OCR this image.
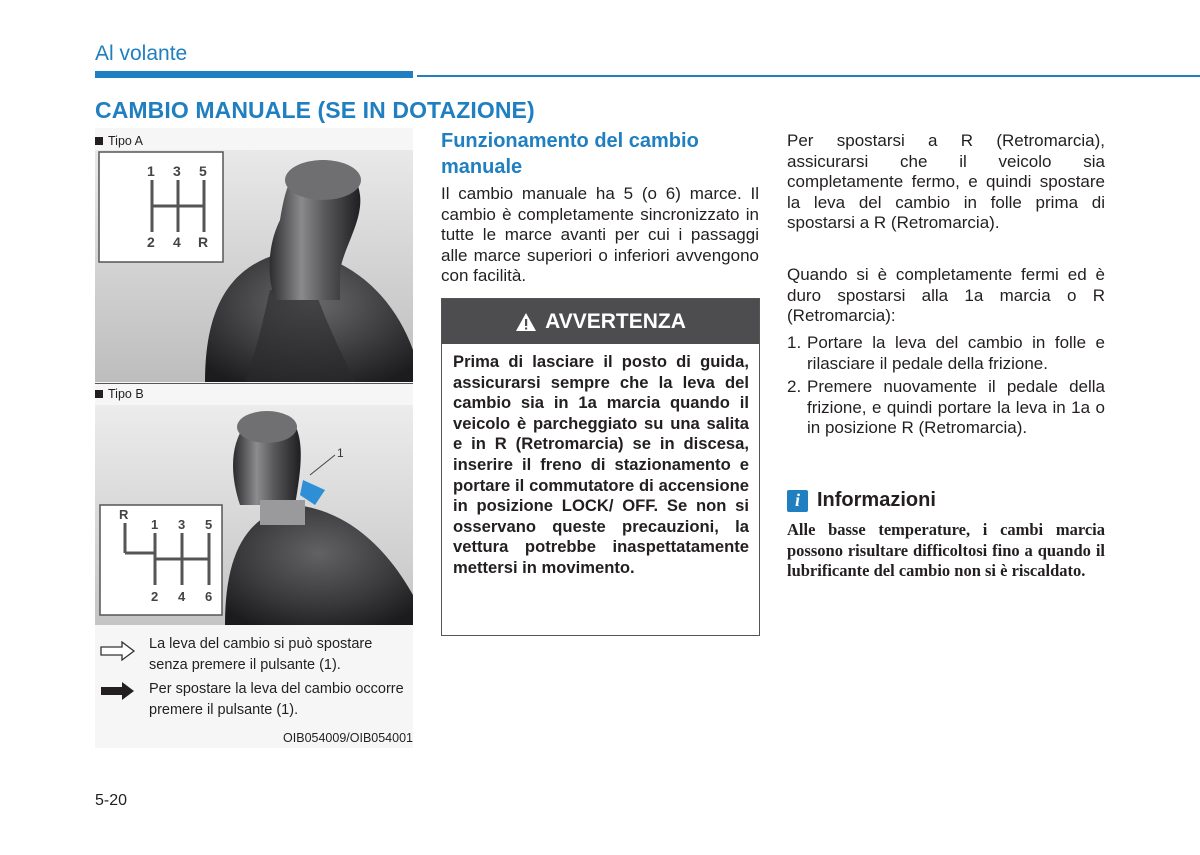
Al volante
CAMBIO MANUALE (SE IN DOTAZIONE)
Tipo A
1 3 5
2 4 R
Tipo B
1
R
1 3 5
2 4 6
La leva del cambio si può spostare senza premere il pulsante (1).
Per spostare la leva del cambio occorre premere il pulsante (1).
OIB054009/OIB054001
Funzionamento del cambio manuale
Il cambio manuale ha 5 (o 6) marce. Il cambio è completamente sincronizzato in tutte le marce avanti per cui i passaggi alle marce superiori o inferiori avvengono con facilità.
AVVERTENZA
Prima di lasciare il posto di guida, assicurarsi sempre che la leva del cambio sia in 1a marcia quando il veicolo è parcheggiato su una salita e in R (Retromarcia) se in discesa, inserire il freno di stazionamento e portare il commutatore di accensione in posizione LOCK/ OFF. Se non si osservano queste precauzioni, la vettura potrebbe inaspettatamente mettersi in movimento.
Per spostarsi a R (Retromarcia), assicurarsi che il veicolo sia completamente fermo, e quindi spostare la leva del cambio in folle prima di spostarsi a R (Retromarcia).
Quando si è completamente fermi ed è duro spostarsi alla 1a marcia o R (Retromarcia):
1. Portare la leva del cambio in folle e rilasciare il pedale della frizione.
2. Premere nuovamente il pedale della frizione, e quindi portare la leva in 1a o in posizione R (Retromarcia).
i Informazioni
Alle basse temperature, i cambi marcia possono risultare difficoltosi fino a quando il lubrificante del cambio non si è riscaldato.
5-20
